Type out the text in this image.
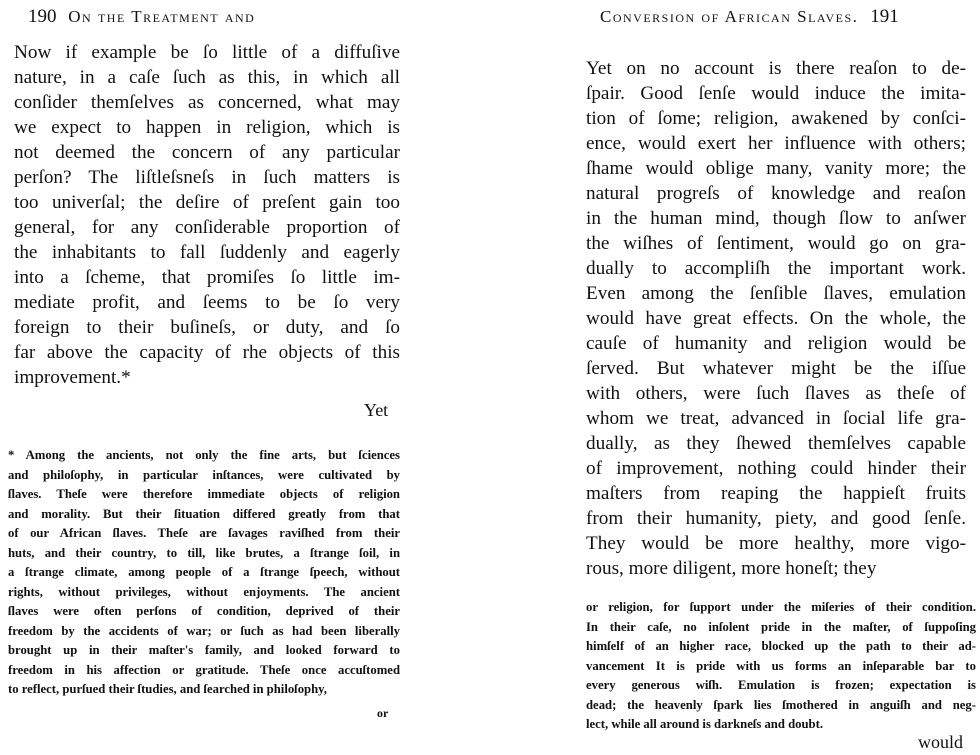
190 On the Treatment and
Now if example be ſo little of a diffuſive
nature, in a caſe ſuch as this, in which all
conſider themſelves as concerned, what may
we expect to happen in religion, which is
not deemed the concern of any particular
perſon? The liſtleſsneſs in ſuch matters is
too univerſal; the deſire of preſent gain too
general, for any conſiderable proportion of
the inhabitants to fall ſuddenly and eagerly
into a ſcheme, that promiſes ſo little im-
mediate profit, and ſeems to be ſo very
foreign to their buſineſs, or duty, and ſo
far above the capacity of rhe objects of this
improvement.*
Yet
* Among the ancients, not only the fine arts, but ſciences
and philoſophy, in particular inſtances, were cultivated by
ſlaves. Theſe were therefore immediate objects of religion
and morality. But their ſituation differed greatly from that
of our African ſlaves. Theſe are ſavages raviſhed from their
huts, and their country, to till, like brutes, a ſtrange ſoil, in
a ſtrange climate, among people of a ſtrange ſpeech, without
rights, without privileges, without enjoyments. The ancient
ſlaves were often perſons of condition, deprived of their
freedom by the accidents of war; or ſuch as had been liberally
brought up in their maſter's family, and looked forward to
freedom in his affection or gratitude. Theſe once accuſtomed
to reflect, purſued their ſtudies, and ſearched in philoſophy,
or
Conversion of African Slaves. 191
Yet on no account is there reaſon to de-
ſpair. Good ſenſe would induce the imita-
tion of ſome; religion, awakened by conſci-
ence, would exert her influence with others;
ſhame would oblige many, vanity more; the
natural progreſs of knowledge and reaſon
in the human mind, though ſlow to anſwer
the wiſhes of ſentiment, would go on gra-
dually to accompliſh the important work.
Even among the ſenſible ſlaves, emulation
would have great effects. On the whole, the
cauſe of humanity and religion would be
ſerved. But whatever might be the iſſue
with others, were ſuch ſlaves as theſe of
whom we treat, advanced in ſocial life gra-
dually, as they ſhewed themſelves capable
of improvement, nothing could hinder their
maſters from reaping the happieſt fruits
from their humanity, piety, and good ſenſe.
They would be more healthy, more vigo-
rous, more diligent, more honeſt; they
or religion, for ſupport under the miſeries of their condition.
In their caſe, no inſolent pride in the maſter, of ſuppoſing
himſelf of an higher race, blocked up the path to their ad-
vancement It is pride with us forms an inſeparable bar to
every generous wiſh. Emulation is frozen; expectation is
dead; the heavenly ſpark lies ſmothered in anguiſh and neg-
lect, while all around is darkneſs and doubt.
would
